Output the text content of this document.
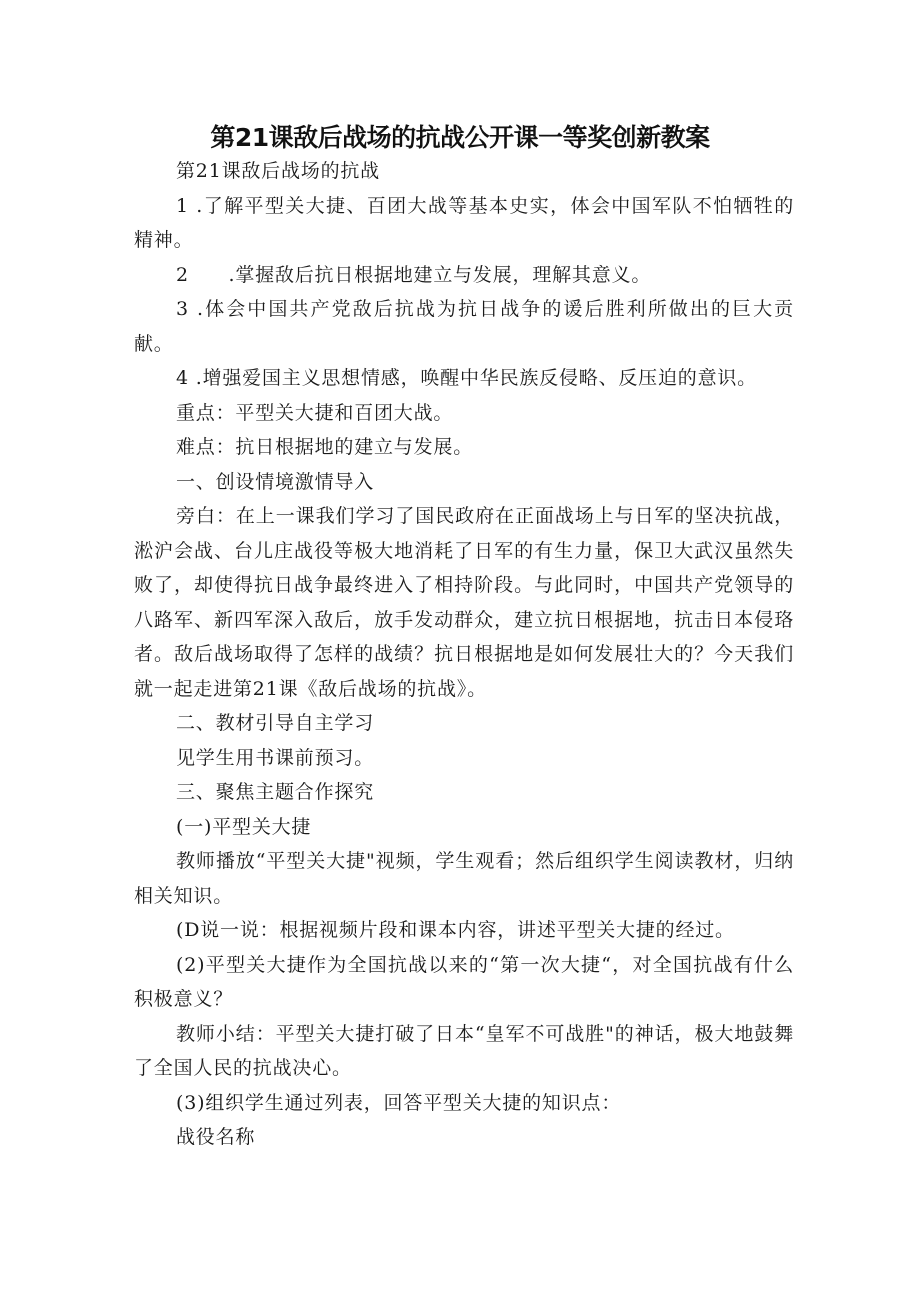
第21课敌后战场的抗战公开课一等奖创新教案

第21课敌后战场的抗战

1 .了解平型关大捷、百团大战等基本史实，体会中国军队不怕牺牲的精神。

2　　.掌握敌后抗日根据地建立与发展，理解其意义。

3 .体会中国共产党敌后抗战为抗日战争的谖后胜利所做出的巨大贡献。

4 .增强爱国主义思想情感，唤醒中华民族反侵略、反压迫的意识。

重点：平型关大捷和百团大战。

难点：抗日根据地的建立与发展。

一、创设情境激情导入

旁白：在上一课我们学习了国民政府在正面战场上与日军的坚决抗战，淞沪会战、台儿庄战役等极大地消耗了日军的有生力量，保卫大武汉虽然失败了，却使得抗日战争最终进入了相持阶段。与此同时，中国共产党领导的八路军、新四军深入敌后，放手发动群众，建立抗日根据地，抗击日本侵珞者。敌后战场取得了怎样的战绩？抗日根据地是如何发展壮大的？今天我们就一起走进第21课《敌后战场的抗战》。

二、教材引导自主学习

见学生用书课前预习。

三、聚焦主题合作探究

(一)平型关大捷

教师播放“平型关大捷"视频，学生观看；然后组织学生阅读教材，归纳相关知识。

(D说一说：根据视频片段和课本内容，讲述平型关大捷的经过。

(2)平型关大捷作为全国抗战以来的“第一次大捷“，对全国抗战有什么积极意义？

教师小结：平型关大捷打破了日本“皇军不可战胜"的神话，极大地鼓舞了全国人民的抗战决心。

(3)组织学生通过列表，回答平型关大捷的知识点：

战役名称
